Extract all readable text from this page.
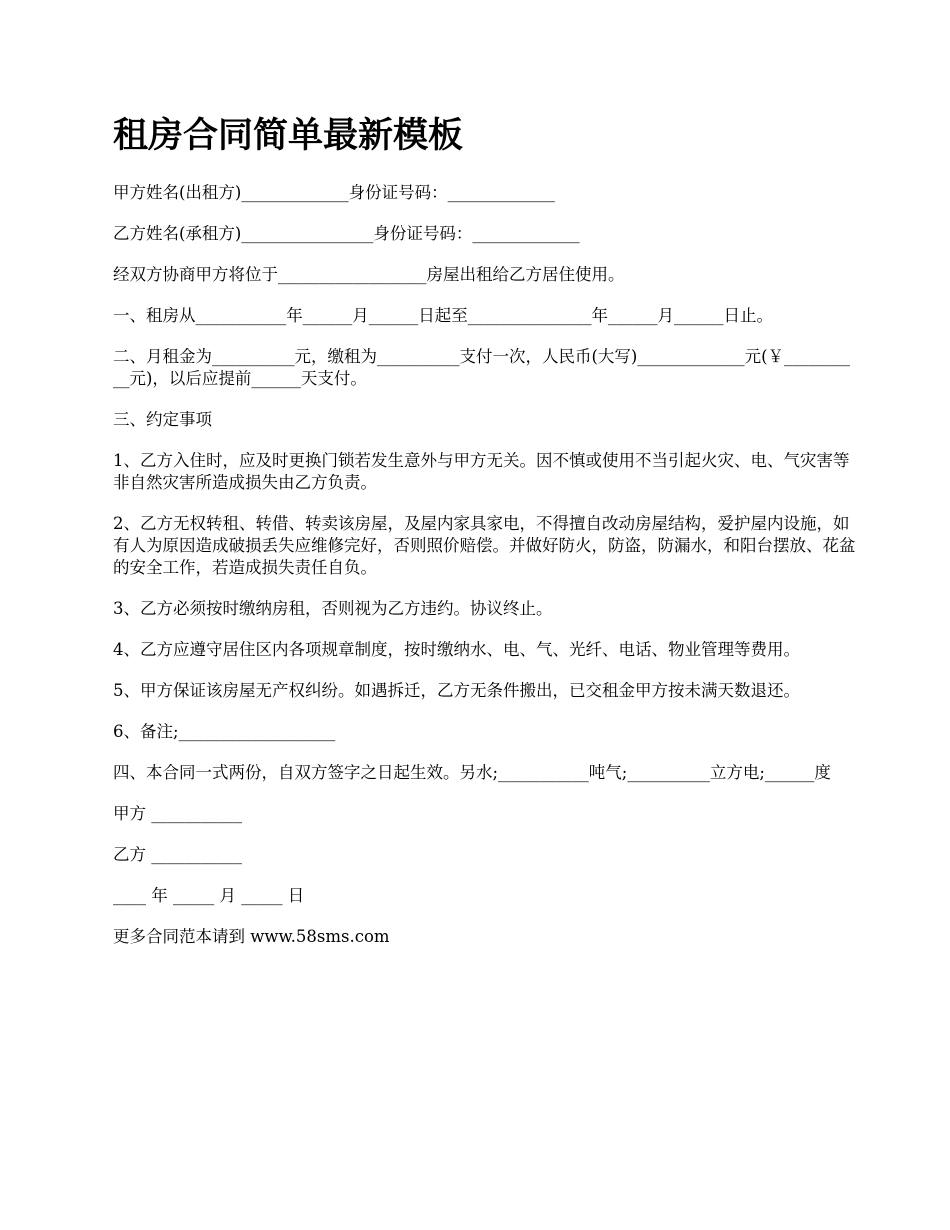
租房合同简单最新模板

甲方姓名(出租方)_____________身份证号码：_____________

乙方姓名(承租方)________________身份证号码：_____________

经双方协商甲方将位于__________________房屋出租给乙方居住使用。

一、租房从___________年______月______日起至_______________年______月______日止。

二、月租金为__________元，缴租为__________支付一次，人民币(大写)_____________元(￥__________元)，以后应提前______天支付。

三、约定事项

1、乙方入住时，应及时更换门锁若发生意外与甲方无关。因不慎或使用不当引起火灾、电、气灾害等非自然灾害所造成损失由乙方负责。

2、乙方无权转租、转借、转卖该房屋，及屋内家具家电，不得擅自改动房屋结构，爱护屋内设施，如有人为原因造成破损丢失应维修完好，否则照价赔偿。并做好防火，防盗，防漏水，和阳台摆放、花盆的安全工作，若造成损失责任自负。

3、乙方必须按时缴纳房租，否则视为乙方违约。协议终止。

4、乙方应遵守居住区内各项规章制度，按时缴纳水、电、气、光纤、电话、物业管理等费用。

5、甲方保证该房屋无产权纠纷。如遇拆迁，乙方无条件搬出，已交租金甲方按未满天数退还。

6、备注;___________________

四、本合同一式两份，自双方签字之日起生效。另水;___________吨气;__________立方电;______度

甲方 ___________

乙方 ___________

____ 年 _____ 月 _____ 日

更多合同范本请到 www.58sms.com
